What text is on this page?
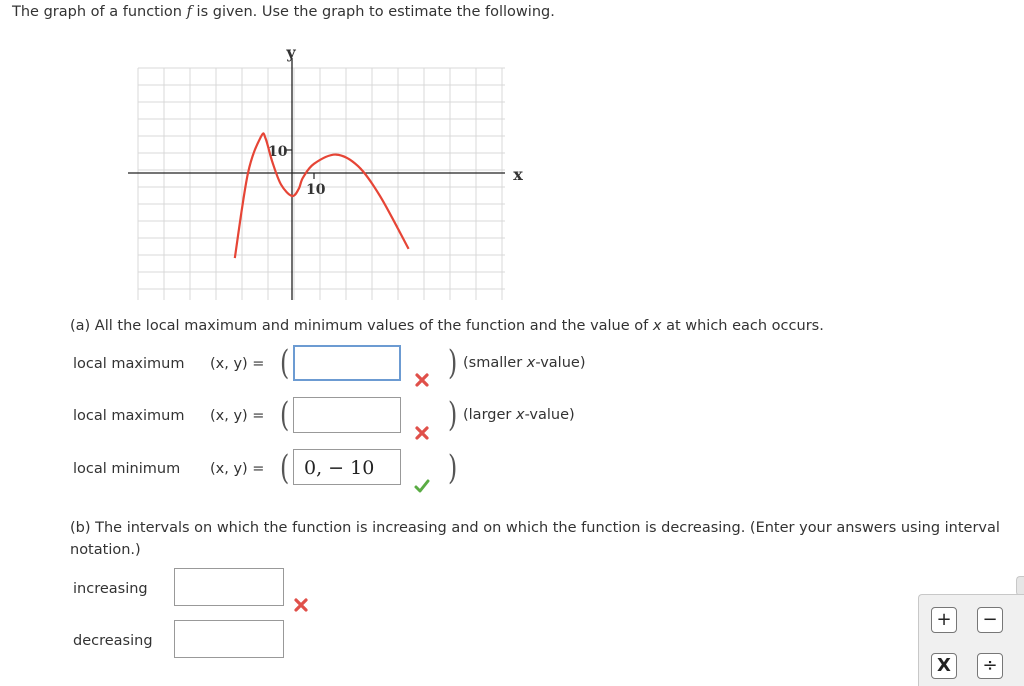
The graph of a function f is given. Use the graph to estimate the following.
y
x
10
10
(a) All the local maximum and minimum values of the function and the value of x at which each occurs.
local maximum (x, y) = (	) (smaller x-value)
local maximum (x, y) = (	) (larger x-value)
local minimum (x, y) = ( 0, − 10	)
(b) The intervals on which the function is increasing and on which the function is decreasing. (Enter your answers using interval
notation.)
increasing
decreasing
+	−
X	÷
